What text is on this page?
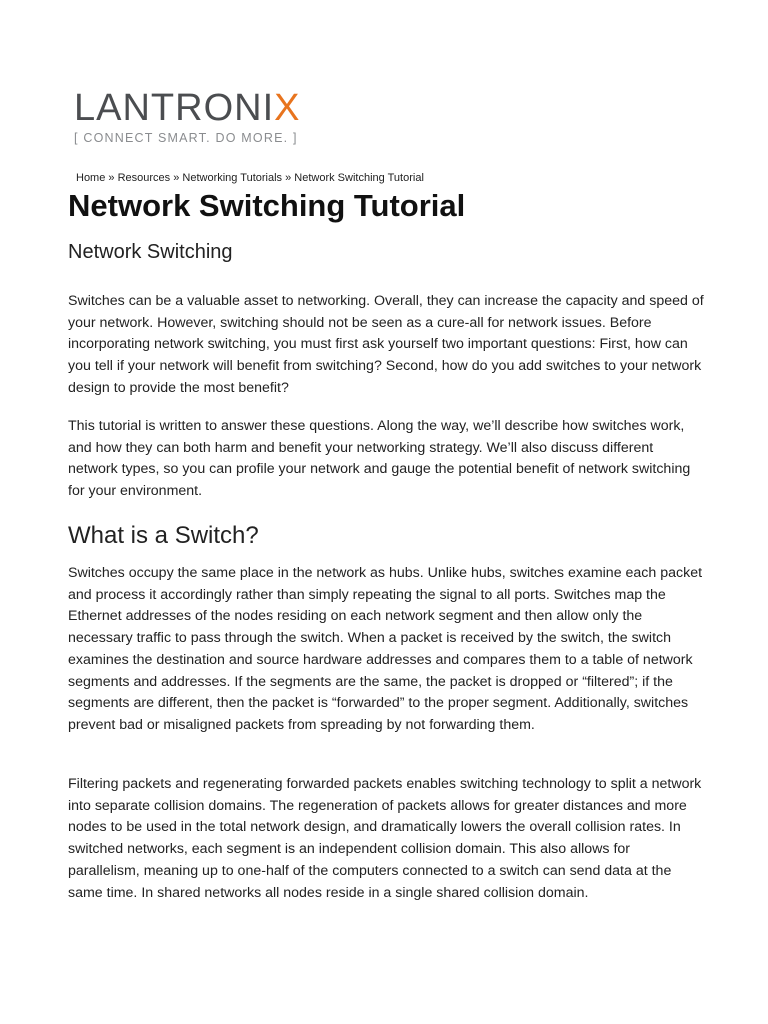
LANTRONIX
[ CONNECT SMART. DO MORE. ]
Home » Resources » Networking Tutorials » Network Switching Tutorial
Network Switching Tutorial
Network Switching

Switches can be a valuable asset to networking. Overall, they can increase the capacity and speed of your network. However, switching should not be seen as a cure-all for network issues. Before incorporating network switching, you must first ask yourself two important questions: First, how can you tell if your network will benefit from switching? Second, how do you add switches to your network design to provide the most benefit?

This tutorial is written to answer these questions. Along the way, we’ll describe how switches work, and how they can both harm and benefit your networking strategy. We’ll also discuss different network types, so you can profile your network and gauge the potential benefit of network switching for your environment.

What is a Switch?

Switches occupy the same place in the network as hubs. Unlike hubs, switches examine each packet and process it accordingly rather than simply repeating the signal to all ports. Switches map the Ethernet addresses of the nodes residing on each network segment and then allow only the necessary traffic to pass through the switch. When a packet is received by the switch, the switch examines the destination and source hardware addresses and compares them to a table of network segments and addresses. If the segments are the same, the packet is dropped or “filtered”; if the segments are different, then the packet is “forwarded” to the proper segment. Additionally, switches prevent bad or misaligned packets from spreading by not forwarding them.

Filtering packets and regenerating forwarded packets enables switching technology to split a network into separate collision domains. The regeneration of packets allows for greater distances and more nodes to be used in the total network design, and dramatically lowers the overall collision rates. In switched networks, each segment is an independent collision domain. This also allows for parallelism, meaning up to one-half of the computers connected to a switch can send data at the same time. In shared networks all nodes reside in a single shared collision domain.
